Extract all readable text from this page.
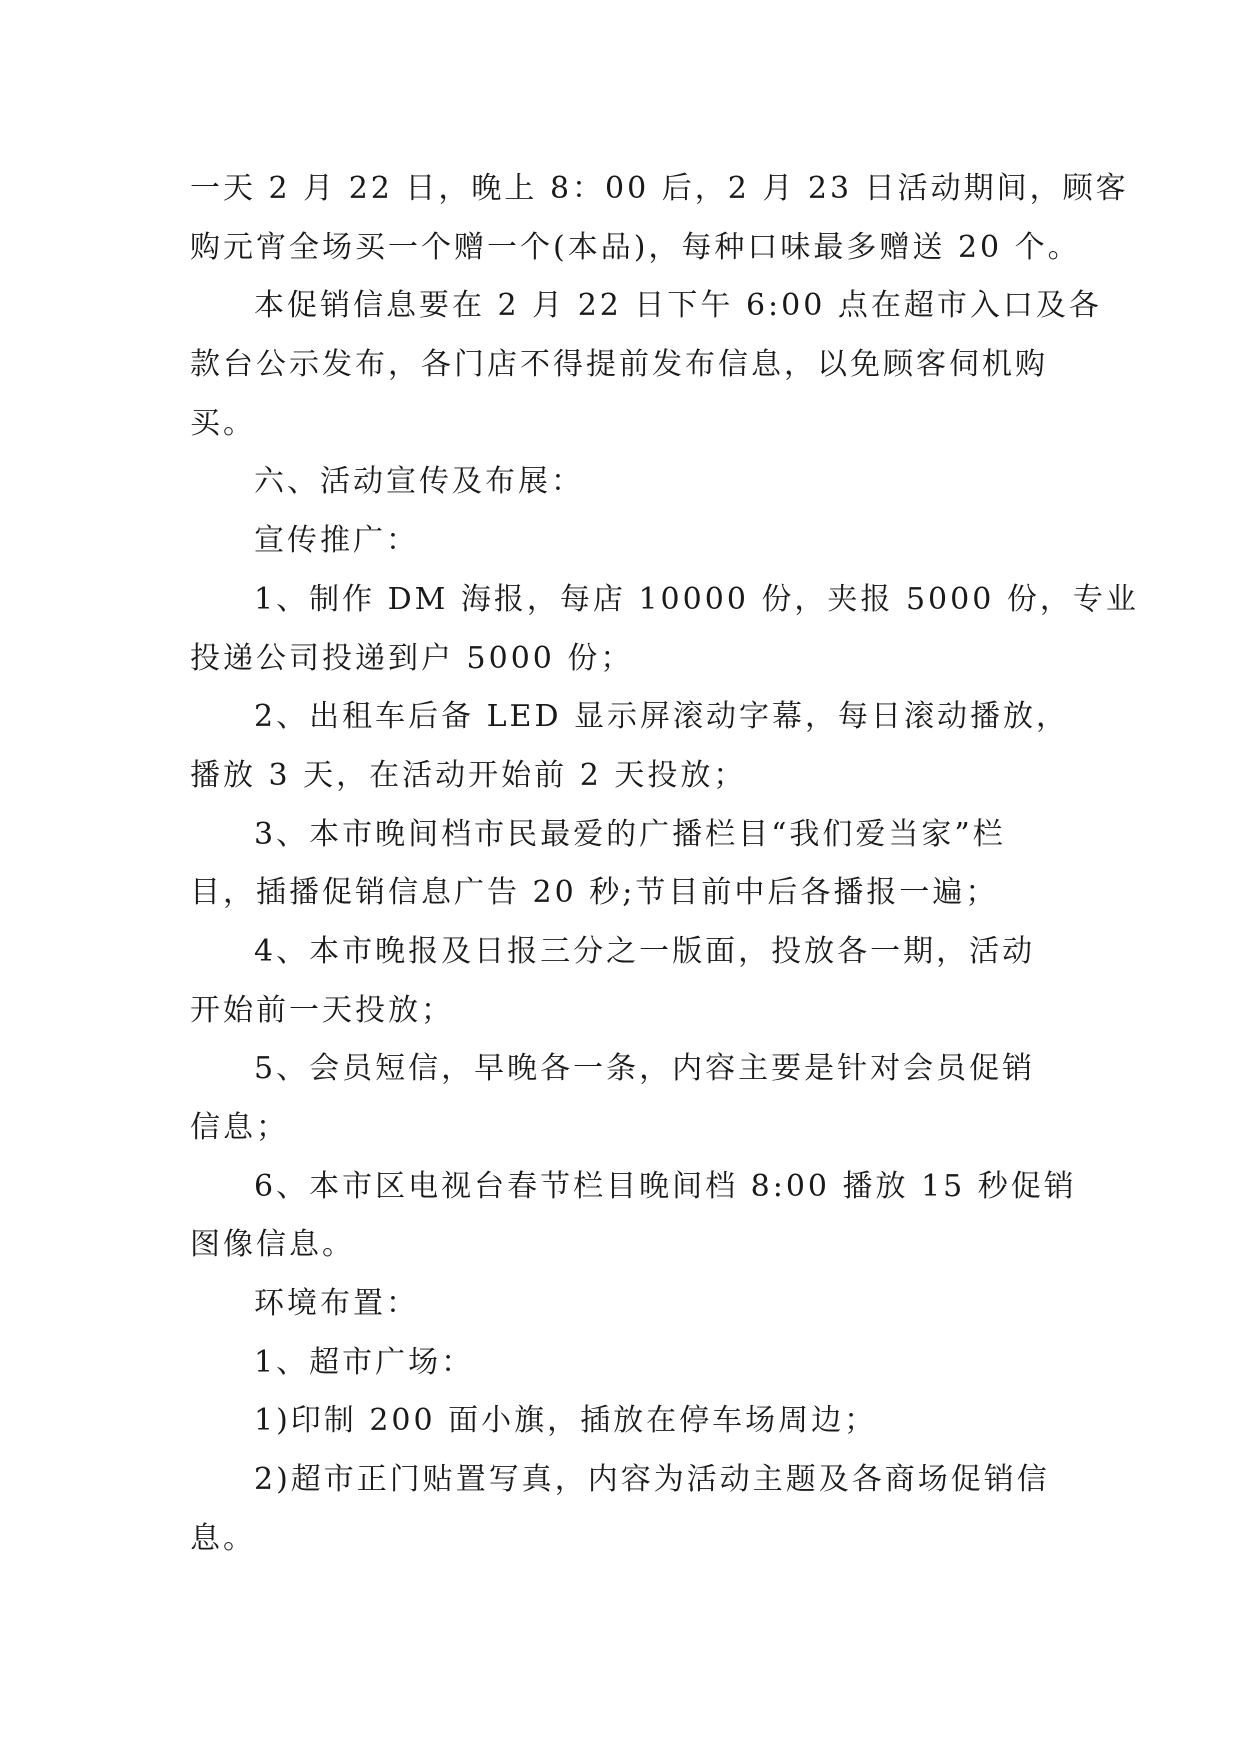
一天 2 月 22 日，晚上 8：00 后，2 月 23 日活动期间，顾客
购元宵全场买一个赠一个(本品)，每种口味最多赠送 20 个。
本促销信息要在 2 月 22 日下午 6:00 点在超市入口及各
款台公示发布，各门店不得提前发布信息，以免顾客伺机购
买。
六、活动宣传及布展：
宣传推广：
1、制作 DM 海报，每店 10000 份，夹报 5000 份，专业
投递公司投递到户 5000 份；
2、出租车后备 LED 显示屏滚动字幕，每日滚动播放，
播放 3 天，在活动开始前 2 天投放；
3、本市晚间档市民最爱的广播栏目“我们爱当家”栏
目，插播促销信息广告 20 秒;节目前中后各播报一遍；
4、本市晚报及日报三分之一版面，投放各一期，活动
开始前一天投放；
5、会员短信，早晚各一条，内容主要是针对会员促销
信息；
6、本市区电视台春节栏目晚间档 8:00 播放 15 秒促销
图像信息。
环境布置：
1、超市广场：
1)印制 200 面小旗，插放在停车场周边；
2)超市正门贴置写真，内容为活动主题及各商场促销信
息。
